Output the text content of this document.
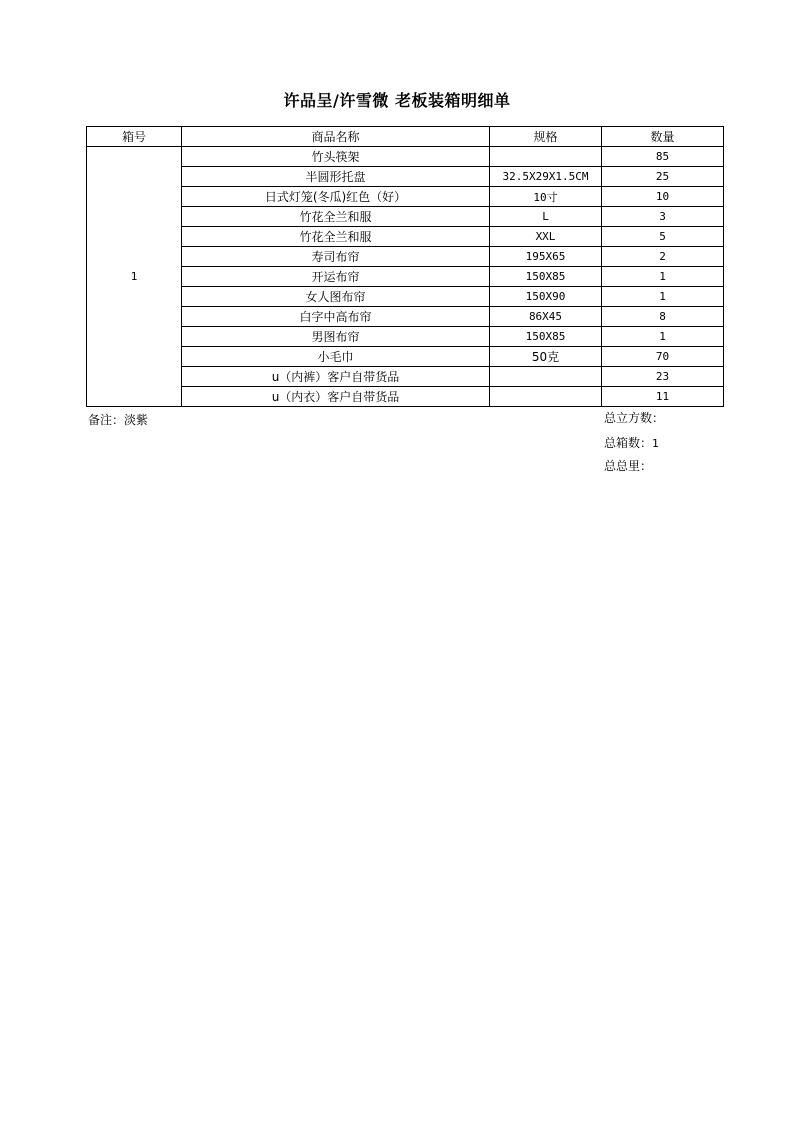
许品呈/许雪微 老板装箱明细单
箱号	商品名称	规格	数量
1	竹头筷架		85
	半圆形托盘	32.5X29X1.5CM	25
	日式灯笼(冬瓜)红色（好）	10寸	10
	竹花全兰和服	L	3
	竹花全兰和服	XXL	5
	寿司布帘	195X65	2
	开运布帘	150X85	1
	女人图布帘	150X90	1
	白字中高布帘	86X45	8
	男图布帘	150X85	1
	小毛巾	50克	70
	u（内裤）客户自带货品		23
	u（内衣）客户自带货品		11
备注：淡紫	总立方数：
总箱数：1
总总里：
